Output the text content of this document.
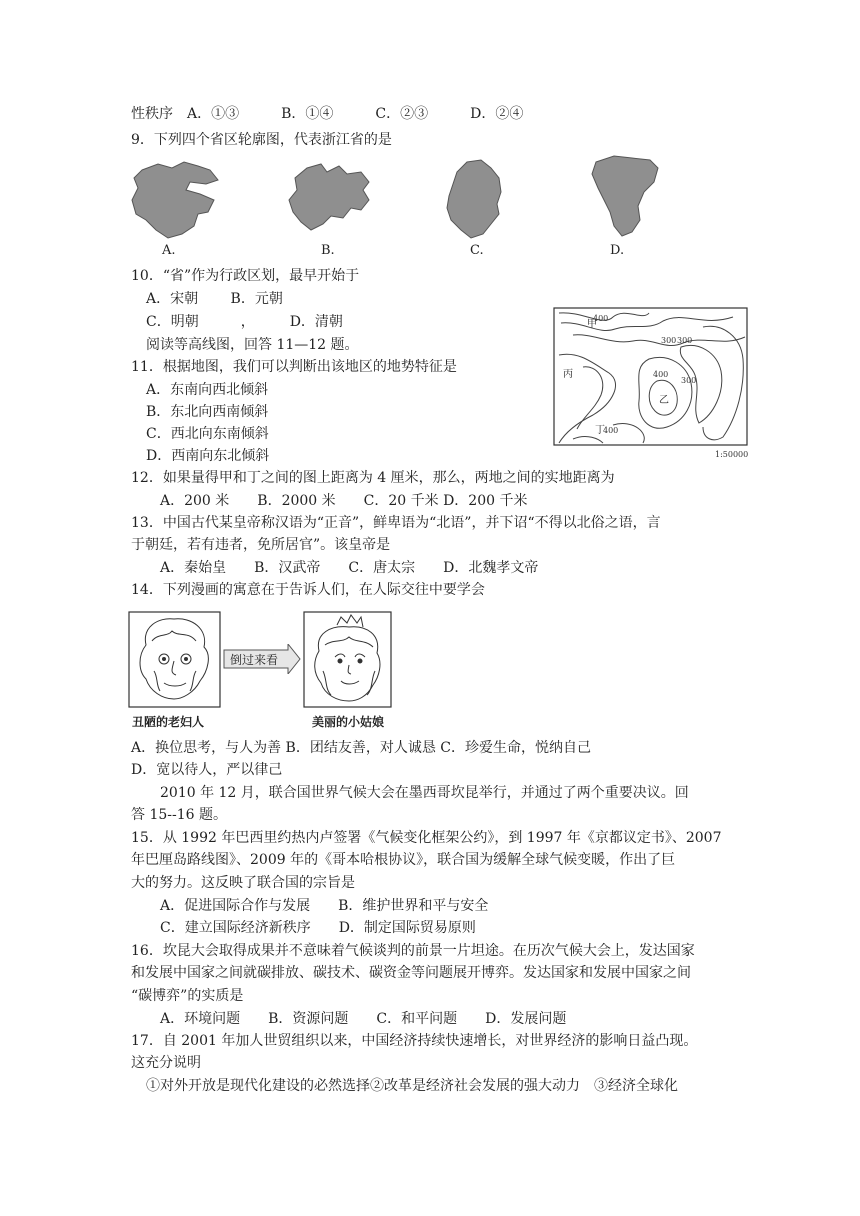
性秩序　A．①③　　　B．①④　　　C．②③　　　D．②④
9．下列四个省区轮廓图，代表浙江省的是
A.	B.	C.	D.
10．“省”作为行政区划，最早开始于
A．宋朝　　 B．元朝
C．明朝　　　，　　　D．清朝
阅读等高线图，回答 11—12 题。
11．根据地图，我们可以判断出该地区的地势特征是
A．东南向西北倾斜
B．东北向西南倾斜
C．西北向东南倾斜
D．西南向东北倾斜
甲
丙
乙
丁
300 300
400
400
300
400
1:50000
12．如果量得甲和丁之间的图上距离为 4 厘米，那么，两地之间的实地距离为
A．200 米　　B．2000 米　　C．20 千米 D．200 千米
13．中国古代某皇帝称汉语为“正音”，鲜卑语为“北语”，并下诏“不得以北俗之语，言
于朝廷，若有违者，免所居官”。该皇帝是
A．秦始皇　　B．汉武帝　　C．唐太宗　　D．北魏孝文帝
14．下列漫画的寓意在于告诉人们，在人际交往中要学会
倒过来看
丑陋的老妇人	美丽的小姑娘
A．换位思考，与人为善 B．团结友善，对人诚恳 C．珍爱生命，悦纳自己
D．宽以待人，严以律己
2010 年 12 月，联合国世界气候大会在墨西哥坎昆举行，并通过了两个重要决议。回
答 15--16 题。
15．从 1992 年巴西里约热内卢签署《气候变化框架公约》，到 1997 年《京都议定书》、2007
年巴厘岛路线图》、2009 年的《哥本哈根协议》，联合国为缓解全球气候变暖，作出了巨
大的努力。这反映了联合国的宗旨是
A．促进国际合作与发展　　B．维护世界和平与安全
C．建立国际经济新秩序　　D．制定国际贸易原则
16．坎昆大会取得成果并不意味着气候谈判的前景一片坦途。在历次气候大会上，发达国家
和发展中国家之间就碳排放、碳技术、碳资金等问题展开博弈。发达国家和发展中国家之间
“碳博弈”的实质是
A．环境问题　　B．资源问题　　C．和平问题　　D．发展问题
17．自 2001 年加人世贸组织以来，中国经济持续快速增长，对世界经济的影响日益凸现。
这充分说明
①对外开放是现代化建设的必然选择②改革是经济社会发展的强大动力　③经济全球化
